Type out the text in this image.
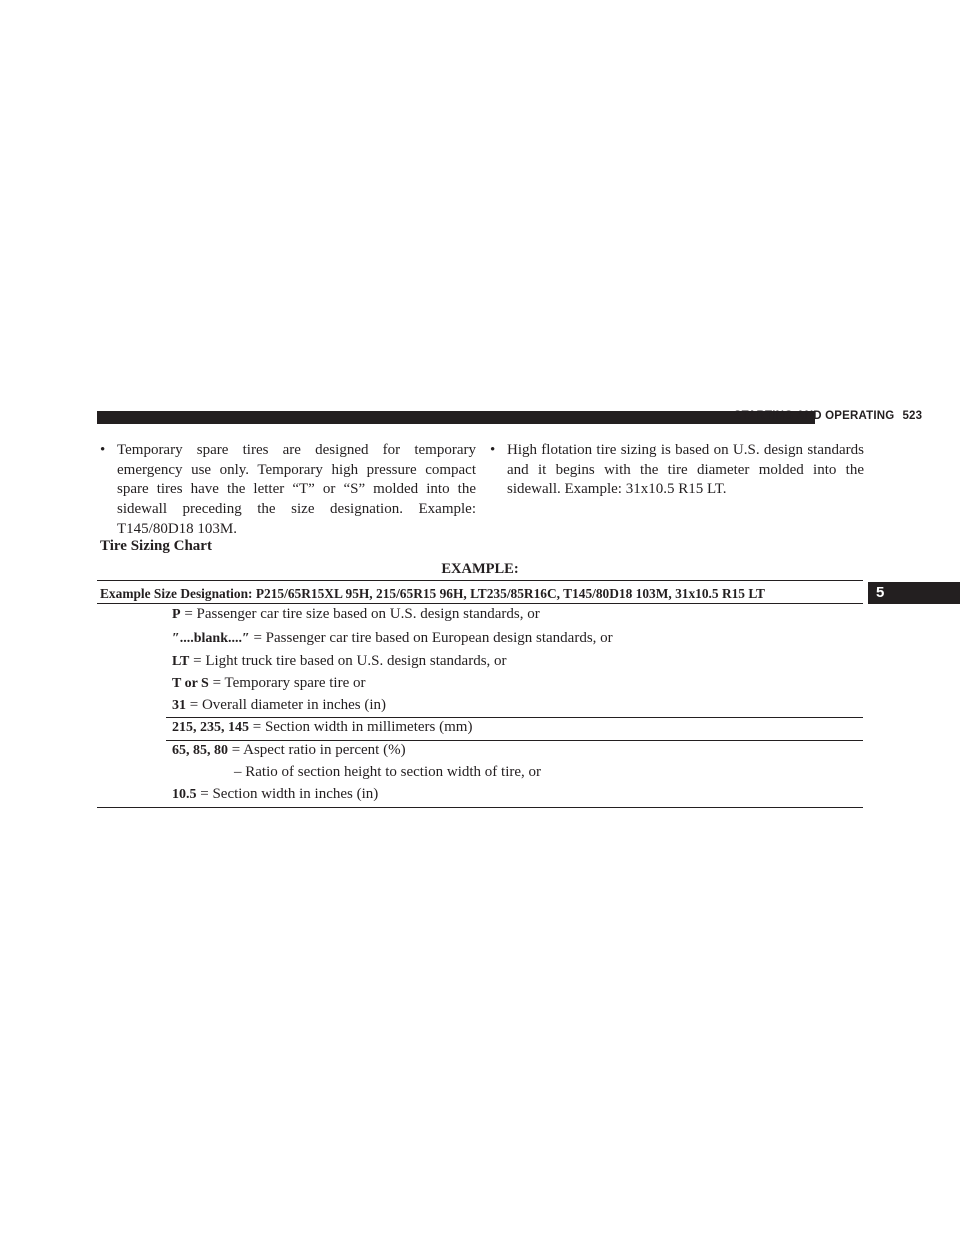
STARTING AND OPERATING 523
5
• Temporary spare tires are designed for temporary emergency use only. Temporary high pressure compact spare tires have the letter “T” or “S” molded into the sidewall preceding the size designation. Example: T145/80D18 103M.
• High flotation tire sizing is based on U.S. design standards and it begins with the tire diameter molded into the sidewall. Example: 31x10.5 R15 LT.
Tire Sizing Chart
EXAMPLE:
Example Size Designation: P215/65R15XL 95H, 215/65R15 96H, LT235/85R16C, T145/80D18 103M, 31x10.5 R15 LT
P = Passenger car tire size based on U.S. design standards, or
″....blank....″ = Passenger car tire based on European design standards, or
LT = Light truck tire based on U.S. design standards, or
T or S = Temporary spare tire or
31 = Overall diameter in inches (in)
215, 235, 145 = Section width in millimeters (mm)
65, 85, 80 = Aspect ratio in percent (%)
– Ratio of section height to section width of tire, or
10.5 = Section width in inches (in)
